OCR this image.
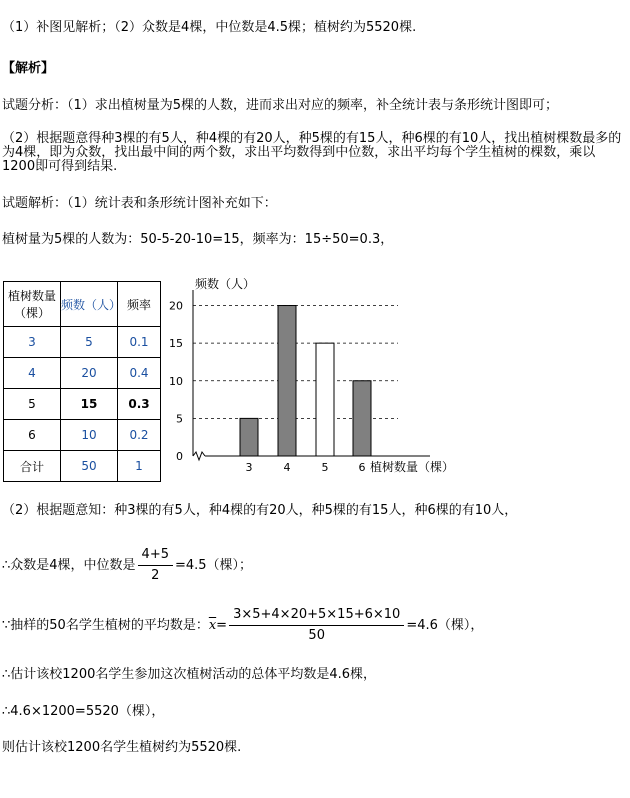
（1）补图见解析；（2）众数是4棵，中位数是4.5棵；植树约为5520棵.
【解析】
试题分析：（1）求出植树量为5棵的人数，进而求出对应的频率，补全统计表与条形统计图即可；
（2）根据题意得种3棵的有5人，种4棵的有20人，种5棵的有15人，种6棵的有10人，找出植树棵数最多的为4棵，即为众数，找出最中间的两个数，求出平均数得到中位数，求出平均每个学生植树的棵数，乘以1200即可得到结果.
试题解析：（1）统计表和条形统计图补充如下：
植树量为5棵的人数为：50-5-20-10=15，频率为：15÷50=0.3，
植树数量（棵）	频数（人）	频率
3	5	0.1
4	20	0.4
5	15	0.3
6	10	0.2
合计	50	1
0
5
10
15
20
3	4	5	6
频数（人）
植树数量（棵）
（2）根据题意知：种3棵的有5人，种4棵的有20人，种5棵的有15人，种6棵的有10人，
∴众数是4棵，中位数是 $\frac{4+5}{2} =4.5$（棵）；
∵抽样的50名学生植树的平均数是：$\overline{x}= \frac{3\times 5+4\times 20+5\times 15+6\times 10}{50} =4.6$（棵），
∴估计该校1200名学生参加这次植树活动的总体平均数是4.6棵，
∴4.6×1200=5520（棵），
则估计该校1200名学生植树约为5520棵.
